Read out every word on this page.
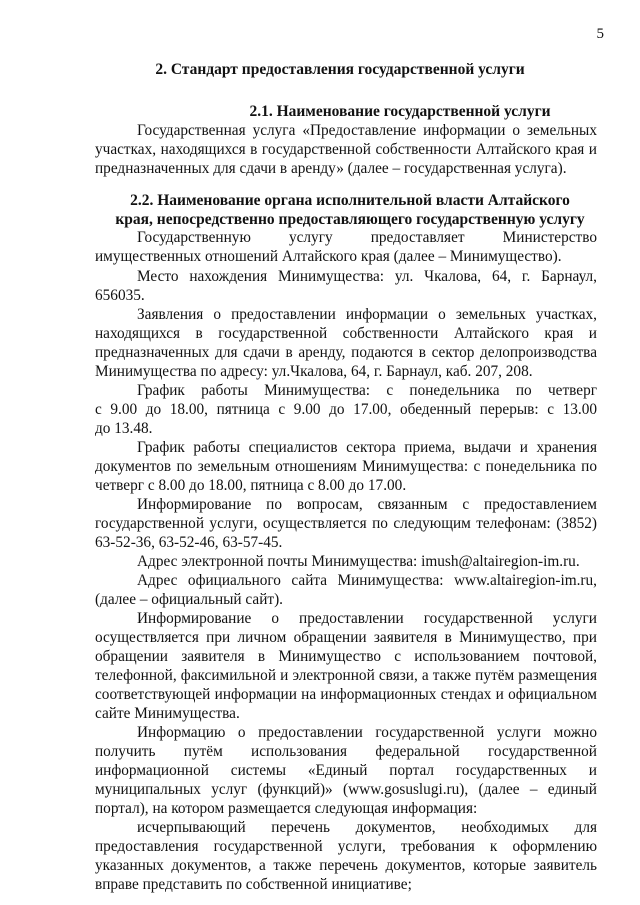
5
2. Стандарт предоставления государственной услуги
2.1. Наименование государственной услуги
Государственная услуга «Предоставление информации о земельных
участках, находящихся в государственной собственности Алтайского края и
предназначенных для сдачи в аренду» (далее – государственная услуга).
2.2. Наименование органа исполнительной власти Алтайского
края, непосредственно предоставляющего государственную услугу
Государственную услугу предоставляет Министерство
имущественных отношений Алтайского края (далее – Минимущество).
Место нахождения Минимущества: ул. Чкалова, 64, г. Барнаул,
656035.
Заявления о предоставлении информации о земельных участках,
находящихся в государственной собственности Алтайского края и
предназначенных для сдачи в аренду, подаются в сектор делопроизводства
Минимущества по адресу: ул.Чкалова, 64, г. Барнаул, каб. 207, 208.
График работы Минимущества: с понедельника по четверг
с 9.00 до 18.00, пятница с 9.00 до 17.00, обеденный перерыв: с 13.00
до 13.48.
График работы специалистов сектора приема, выдачи и хранения
документов по земельным отношениям Минимущества: с понедельника по
четверг с 8.00 до 18.00, пятница с 8.00 до 17.00.
Информирование по вопросам, связанным с предоставлением
государственной услуги, осуществляется по следующим телефонам: (3852)
63-52-36, 63-52-46, 63-57-45.
Адрес электронной почты Минимущества: imush@altairegion-im.ru.
Адрес официального сайта Минимущества: www.altairegion-im.ru,
(далее – официальный сайт).
Информирование о предоставлении государственной услуги
осуществляется при личном обращении заявителя в Минимущество, при
обращении заявителя в Минимущество с использованием почтовой,
телефонной, факсимильной и электронной связи, а также путём размещения
соответствующей информации на информационных стендах и официальном
сайте Минимущества.
Информацию о предоставлении государственной услуги можно
получить путём использования федеральной государственной
информационной системы «Единый портал государственных и
муниципальных услуг (функций)» (www.gosuslugi.ru), (далее – единый
портал), на котором размещается следующая информация:
исчерпывающий перечень документов, необходимых для
предоставления государственной услуги, требования к оформлению
указанных документов, а также перечень документов, которые заявитель
вправе представить по собственной инициативе;
